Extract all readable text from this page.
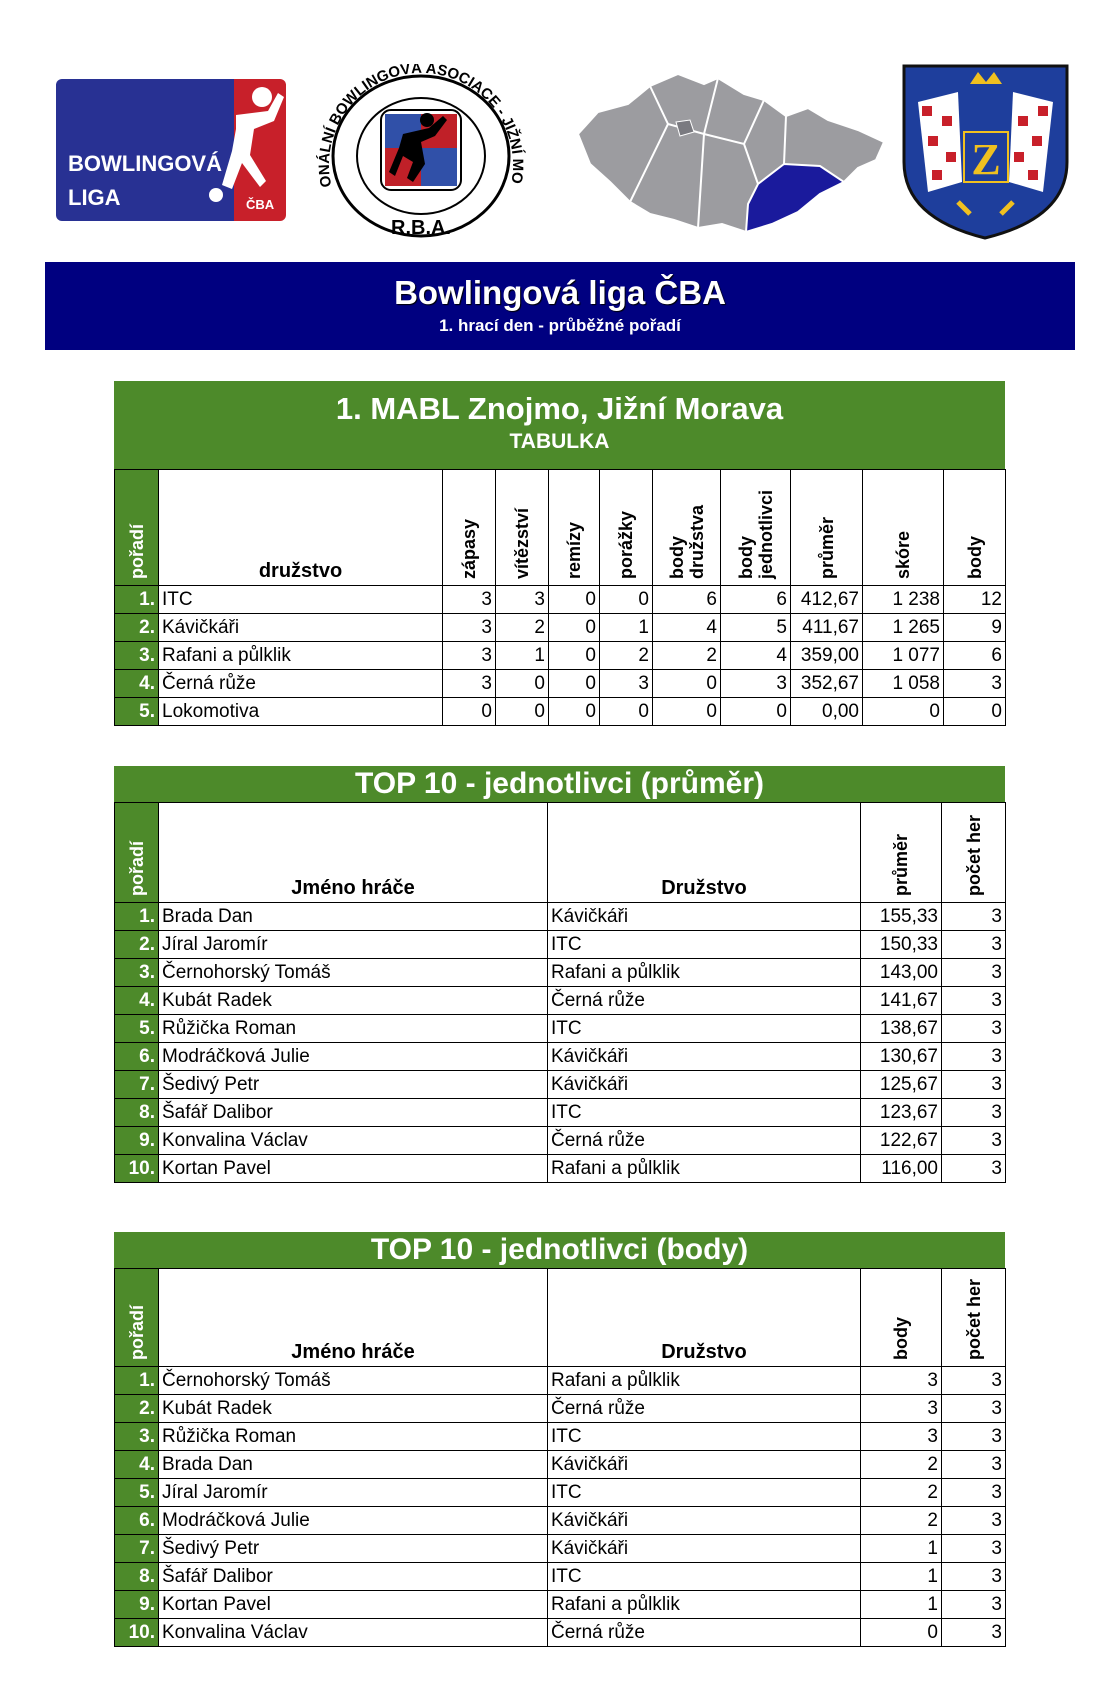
BOWLINGOVÁ
LIGA	ČBA
ONÁLNÍ BOWLINGOVÁ ASOCIACE - JIŽNÍ MO
R.B.A.
Z
Bowlingová liga ČBA
1. hrací den - průběžné pořadí
1. MABL Znojmo, Jižní Morava
TABULKA
pořadí	družstvo	zápasy	vítězství	remízy	porážky	body družstva	body jednotlivci	průměr	skóre	body
1.	ITC	3	3	0	0	6	6	412,67	1 238	12
2.	Kávičkáři	3	2	0	1	4	5	411,67	1 265	9
3.	Rafani a půlklik	3	1	0	2	2	4	359,00	1 077	6
4.	Černá růže	3	0	0	3	0	3	352,67	1 058	3
5.	Lokomotiva	0	0	0	0	0	0	0,00	0	0
TOP 10 - jednotlivci (průměr)
pořadí	Jméno hráče	Družstvo	průměr	počet her
1.	Brada Dan	Kávičkáři	155,33	3
2.	Jíral Jaromír	ITC	150,33	3
3.	Černohorský Tomáš	Rafani a půlklik	143,00	3
4.	Kubát Radek	Černá růže	141,67	3
5.	Růžička Roman	ITC	138,67	3
6.	Modráčková Julie	Kávičkáři	130,67	3
7.	Šedivý Petr	Kávičkáři	125,67	3
8.	Šafář Dalibor	ITC	123,67	3
9.	Konvalina Václav	Černá růže	122,67	3
10.	Kortan Pavel	Rafani a půlklik	116,00	3
TOP 10 - jednotlivci (body)
pořadí	Jméno hráče	Družstvo	body	počet her
1.	Černohorský Tomáš	Rafani a půlklik	3	3
2.	Kubát Radek	Černá růže	3	3
3.	Růžička Roman	ITC	3	3
4.	Brada Dan	Kávičkáři	2	3
5.	Jíral Jaromír	ITC	2	3
6.	Modráčková Julie	Kávičkáři	2	3
7.	Šedivý Petr	Kávičkáři	1	3
8.	Šafář Dalibor	ITC	1	3
9.	Kortan Pavel	Rafani a půlklik	1	3
10.	Konvalina Václav	Černá růže	0	3
